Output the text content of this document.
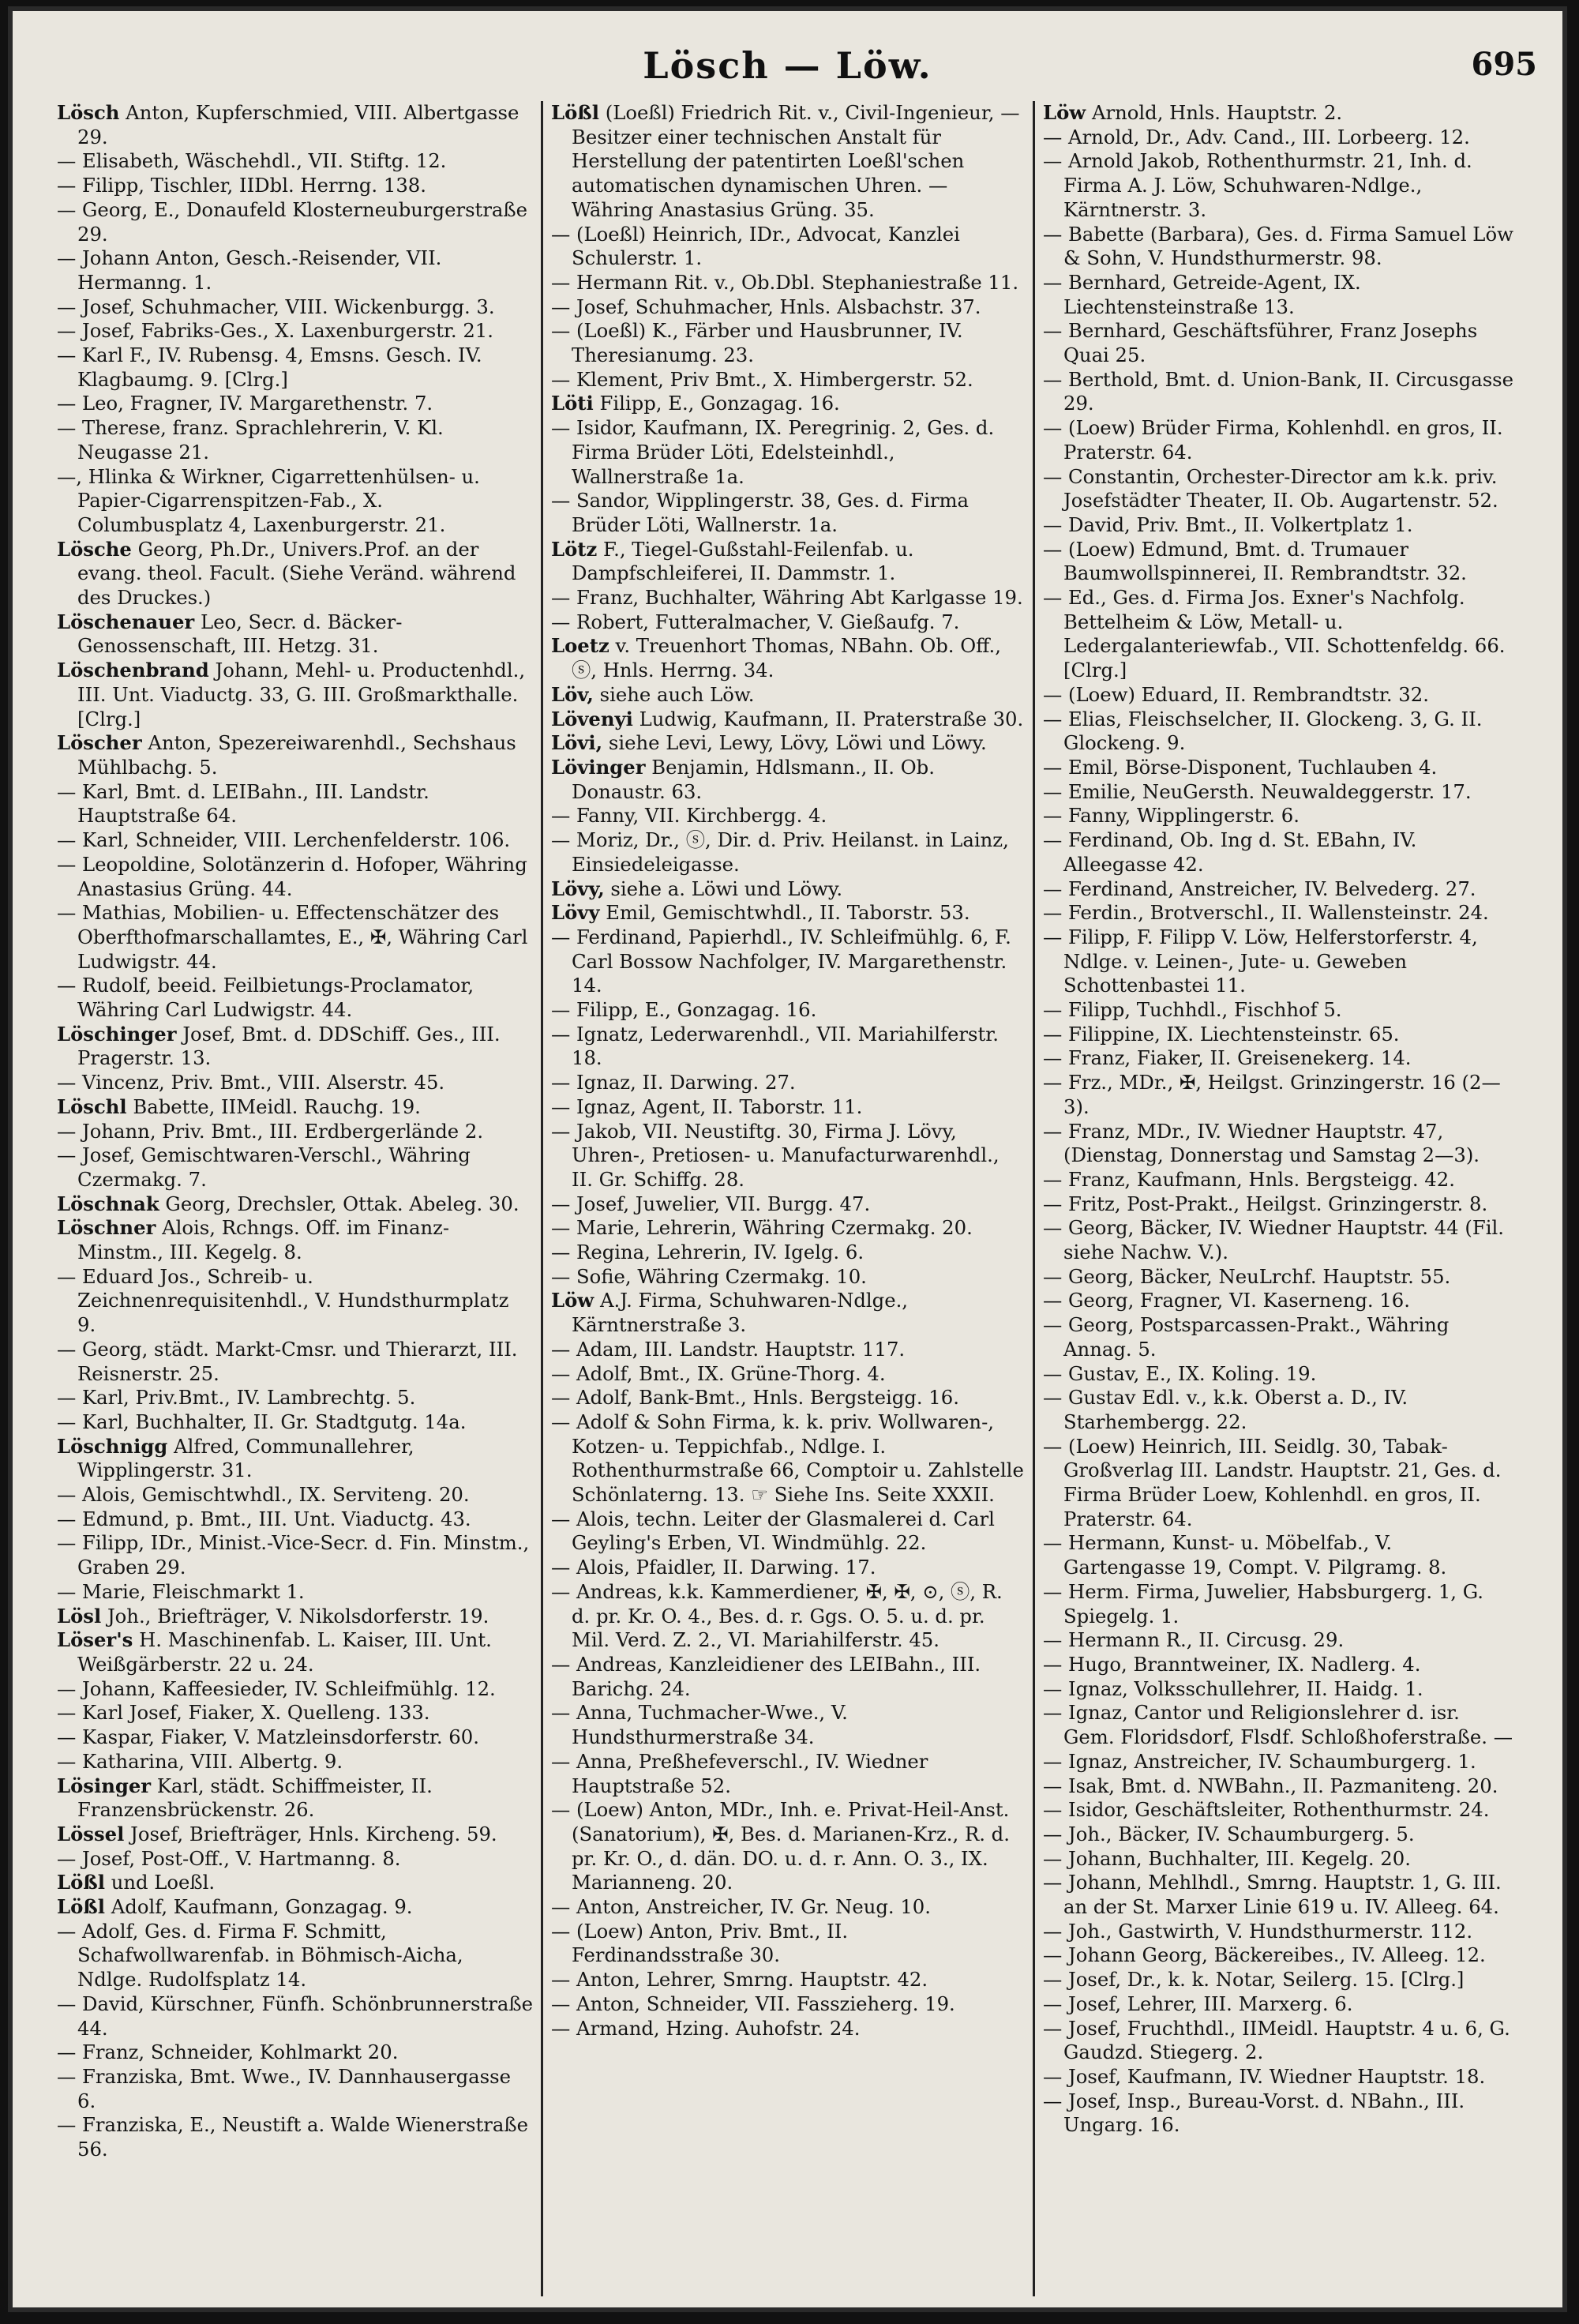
Lösch — Löw.	695

Lösch Anton, Kupferschmied, VIII. Albertgasse 29.

— Elisabeth, Wäschehdl., VII. Stiftg. 12.

— Filipp, Tischler, IIDbl. Herrng. 138.

— Georg, E., Donaufeld Klosterneuburgerstraße 29.

— Johann Anton, Gesch.-Reisender, VII. Hermanng. 1.

— Josef, Schuhmacher, VIII. Wickenburgg. 3.

— Josef, Fabriks-Ges., X. Laxenburgerstr. 21.

— Karl F., IV. Rubensg. 4, Emsns. Gesch. IV. Klagbaumg. 9. [Clrg.]

— Leo, Fragner, IV. Margarethenstr. 7.

— Therese, franz. Sprachlehrerin, V. Kl. Neugasse 21.

—, Hlinka & Wirkner, Cigarrettenhülsen- u. Papier-Cigarrenspitzen-Fab., X. Columbusplatz 4, Laxenburgerstr. 21.

Lösche Georg, Ph.Dr., Univers.Prof. an der evang. theol. Facult. (Siehe Veränd. während des Druckes.)

Löschenauer Leo, Secr. d. Bäcker-Genossenschaft, III. Hetzg. 31.

Löschenbrand Johann, Mehl- u. Productenhdl., III. Unt. Viaductg. 33, G. III. Großmarkthalle. [Clrg.]

Löscher Anton, Spezereiwarenhdl., Sechshaus Mühlbachg. 5.

— Karl, Bmt. d. LEIBahn., III. Landstr. Hauptstraße 64.

— Karl, Schneider, VIII. Lerchenfelderstr. 106.

— Leopoldine, Solotänzerin d. Hofoper, Währing Anastasius Grüng. 44.

— Mathias, Mobilien- u. Effectenschätzer des Oberfthofmarschallamtes, E., ✠, Währing Carl Ludwigstr. 44.

— Rudolf, beeid. Feilbietungs-Proclamator, Währing Carl Ludwigstr. 44.

Löschinger Josef, Bmt. d. DDSchiff. Ges., III. Pragerstr. 13.

— Vincenz, Priv. Bmt., VIII. Alserstr. 45.

Löschl Babette, IIMeidl. Rauchg. 19.

— Johann, Priv. Bmt., III. Erdbergerlände 2.

— Josef, Gemischtwaren-Verschl., Währing Czermakg. 7.

Löschnak Georg, Drechsler, Ottak. Abeleg. 30.

Löschner Alois, Rchngs. Off. im Finanz-Minstm., III. Kegelg. 8.

— Eduard Jos., Schreib- u. Zeichnenrequisitenhdl., V. Hundsthurmplatz 9.

— Georg, städt. Markt-Cmsr. und Thierarzt, III. Reisnerstr. 25.

— Karl, Priv.Bmt., IV. Lambrechtg. 5.

— Karl, Buchhalter, II. Gr. Stadtgutg. 14a.

Löschnigg Alfred, Communallehrer, Wipplingerstr. 31.

— Alois, Gemischtwhdl., IX. Serviteng. 20.

— Edmund, p. Bmt., III. Unt. Viaductg. 43.

— Filipp, IDr., Minist.-Vice-Secr. d. Fin. Minstm., Graben 29.

— Marie, Fleischmarkt 1.

Lösl Joh., Briefträger, V. Nikolsdorferstr. 19.

Löser's H. Maschinenfab. L. Kaiser, III. Unt. Weißgärberstr. 22 u. 24.

— Johann, Kaffeesieder, IV. Schleifmühlg. 12.

— Karl Josef, Fiaker, X. Quelleng. 133.

— Kaspar, Fiaker, V. Matzleinsdorferstr. 60.

— Katharina, VIII. Albertg. 9.

Lösinger Karl, städt. Schiffmeister, II. Franzensbrückenstr. 26.

Lössel Josef, Briefträger, Hnls. Kircheng. 59.

— Josef, Post-Off., V. Hartmanng. 8.

Lößl und Loeßl.

Lößl Adolf, Kaufmann, Gonzagag. 9.

— Adolf, Ges. d. Firma F. Schmitt, Schafwollwarenfab. in Böhmisch-Aicha, Ndlge. Rudolfsplatz 14.

— David, Kürschner, Fünfh. Schönbrunnerstraße 44.

— Franz, Schneider, Kohlmarkt 20.

— Franziska, Bmt. Wwe., IV. Dannhausergasse 6.

— Franziska, E., Neustift a. Walde Wienerstraße 56.

Lößl (Loeßl) Friedrich Rit. v., Civil-Ingenieur, — Besitzer einer technischen Anstalt für Herstellung der patentirten Loeßl'schen automatischen dynamischen Uhren. — Währing Anastasius Grüng. 35.

— (Loeßl) Heinrich, IDr., Advocat, Kanzlei Schulerstr. 1.

— Hermann Rit. v., Ob.Dbl. Stephaniestraße 11.

— Josef, Schuhmacher, Hnls. Alsbachstr. 37.

— (Loeßl) K., Färber und Hausbrunner, IV. Theresianumg. 23.

— Klement, Priv Bmt., X. Himbergerstr. 52.

Löti Filipp, E., Gonzagag. 16.

— Isidor, Kaufmann, IX. Peregrinig. 2, Ges. d. Firma Brüder Löti, Edelsteinhdl., Wallnerstraße 1a.

— Sandor, Wipplingerstr. 38, Ges. d. Firma Brüder Löti, Wallnerstr. 1a.

Lötz F., Tiegel-Gußstahl-Feilenfab. u. Dampfschleiferei, II. Dammstr. 1.

— Franz, Buchhalter, Währing Abt Karlgasse 19.

— Robert, Futteralmacher, V. Gießaufg. 7.

Loetz v. Treuenhort Thomas, NBahn. Ob. Off., ⓢ, Hnls. Herrng. 34.

Löv, siehe auch Löw.

Lövenyi Ludwig, Kaufmann, II. Praterstraße 30.

Lövi, siehe Levi, Lewy, Lövy, Löwi und Löwy.

Lövinger Benjamin, Hdlsmann., II. Ob. Donaustr. 63.

— Fanny, VII. Kirchbergg. 4.

— Moriz, Dr., ⓢ, Dir. d. Priv. Heilanst. in Lainz, Einsiedeleigasse.

Lövy, siehe a. Löwi und Löwy.

Lövy Emil, Gemischtwhdl., II. Taborstr. 53.

— Ferdinand, Papierhdl., IV. Schleifmühlg. 6, F. Carl Bossow Nachfolger, IV. Margarethenstr. 14.

— Filipp, E., Gonzagag. 16.

— Ignatz, Lederwarenhdl., VII. Mariahilferstr. 18.

— Ignaz, II. Darwing. 27.

— Ignaz, Agent, II. Taborstr. 11.

— Jakob, VII. Neustiftg. 30, Firma J. Lövy, Uhren-, Pretiosen- u. Manufacturwarenhdl., II. Gr. Schiffg. 28.

— Josef, Juwelier, VII. Burgg. 47.

— Marie, Lehrerin, Währing Czermakg. 20.

— Regina, Lehrerin, IV. Igelg. 6.

— Sofie, Währing Czermakg. 10.

Löw A.J. Firma, Schuhwaren-Ndlge., Kärntnerstraße 3.

— Adam, III. Landstr. Hauptstr. 117.

— Adolf, Bmt., IX. Grüne-Thorg. 4.

— Adolf, Bank-Bmt., Hnls. Bergsteigg. 16.

— Adolf & Sohn Firma, k. k. priv. Wollwaren-, Kotzen- u. Teppichfab., Ndlge. I. Rothenthurmstraße 66, Comptoir u. Zahlstelle Schönlaterng. 13. ☞ Siehe Ins. Seite XXXII.

— Alois, techn. Leiter der Glasmalerei d. Carl Geyling's Erben, VI. Windmühlg. 22.

— Alois, Pfaidler, II. Darwing. 17.

— Andreas, k.k. Kammerdiener, ✠, ✠, ⊙, ⓢ, R. d. pr. Kr. O. 4., Bes. d. r. Ggs. O. 5. u. d. pr. Mil. Verd. Z. 2., VI. Mariahilferstr. 45.

— Andreas, Kanzleidiener des LEIBahn., III. Barichg. 24.

— Anna, Tuchmacher-Wwe., V. Hundsthurmerstraße 34.

— Anna, Preßhefeverschl., IV. Wiedner Hauptstraße 52.

— (Loew) Anton, MDr., Inh. e. Privat-Heil-Anst. (Sanatorium), ✠, Bes. d. Marianen-Krz., R. d. pr. Kr. O., d. dän. DO. u. d. r. Ann. O. 3., IX. Marianneng. 20.

— Anton, Anstreicher, IV. Gr. Neug. 10.

— (Loew) Anton, Priv. Bmt., II. Ferdinandsstraße 30.

— Anton, Lehrer, Smrng. Hauptstr. 42.

— Anton, Schneider, VII. Fasszieherg. 19.

— Armand, Hzing. Auhofstr. 24.

Löw Arnold, Hnls. Hauptstr. 2.

— Arnold, Dr., Adv. Cand., III. Lorbeerg. 12.

— Arnold Jakob, Rothenthurmstr. 21, Inh. d. Firma A. J. Löw, Schuhwaren-Ndlge., Kärntnerstr. 3.

— Babette (Barbara), Ges. d. Firma Samuel Löw & Sohn, V. Hundsthurmerstr. 98.

— Bernhard, Getreide-Agent, IX. Liechtensteinstraße 13.

— Bernhard, Geschäftsführer, Franz Josephs Quai 25.

— Berthold, Bmt. d. Union-Bank, II. Circusgasse 29.

— (Loew) Brüder Firma, Kohlenhdl. en gros, II. Praterstr. 64.

— Constantin, Orchester-Director am k.k. priv. Josefstädter Theater, II. Ob. Augartenstr. 52.

— David, Priv. Bmt., II. Volkertplatz 1.

— (Loew) Edmund, Bmt. d. Trumauer Baumwollspinnerei, II. Rembrandtstr. 32.

— Ed., Ges. d. Firma Jos. Exner's Nachfolg. Bettelheim & Löw, Metall- u. Ledergalanteriewfab., VII. Schottenfeldg. 66. [Clrg.]

— (Loew) Eduard, II. Rembrandtstr. 32.

— Elias, Fleischselcher, II. Glockeng. 3, G. II. Glockeng. 9.

— Emil, Börse-Disponent, Tuchlauben 4.

— Emilie, NeuGersth. Neuwaldeggerstr. 17.

— Fanny, Wipplingerstr. 6.

— Ferdinand, Ob. Ing d. St. EBahn, IV. Alleegasse 42.

— Ferdinand, Anstreicher, IV. Belvederg. 27.

— Ferdin., Brotverschl., II. Wallensteinstr. 24.

— Filipp, F. Filipp V. Löw, Helferstorferstr. 4, Ndlge. v. Leinen-, Jute- u. Geweben Schottenbastei 11.

— Filipp, Tuchhdl., Fischhof 5.

— Filippine, IX. Liechtensteinstr. 65.

— Franz, Fiaker, II. Greisenekerg. 14.

— Frz., MDr., ✠, Heilgst. Grinzingerstr. 16 (2—3).

— Franz, MDr., IV. Wiedner Hauptstr. 47, (Dienstag, Donnerstag und Samstag 2—3).

— Franz, Kaufmann, Hnls. Bergsteigg. 42.

— Fritz, Post-Prakt., Heilgst. Grinzingerstr. 8.

— Georg, Bäcker, IV. Wiedner Hauptstr. 44 (Fil. siehe Nachw. V.).

— Georg, Bäcker, NeuLrchf. Hauptstr. 55.

— Georg, Fragner, VI. Kaserneng. 16.

— Georg, Postsparcassen-Prakt., Währing Annag. 5.

— Gustav, E., IX. Koling. 19.

— Gustav Edl. v., k.k. Oberst a. D., IV. Starhembergg. 22.

— (Loew) Heinrich, III. Seidlg. 30, Tabak-Großverlag III. Landstr. Hauptstr. 21, Ges. d. Firma Brüder Loew, Kohlenhdl. en gros, II. Praterstr. 64.

— Hermann, Kunst- u. Möbelfab., V. Gartengasse 19, Compt. V. Pilgramg. 8.

— Herm. Firma, Juwelier, Habsburgerg. 1, G. Spiegelg. 1.

— Hermann R., II. Circusg. 29.

— Hugo, Branntweiner, IX. Nadlerg. 4.

— Ignaz, Volksschullehrer, II. Haidg. 1.

— Ignaz, Cantor und Religionslehrer d. isr. Gem. Floridsdorf, Flsdf. Schloßhoferstraße. —

— Ignaz, Anstreicher, IV. Schaumburgerg. 1.

— Isak, Bmt. d. NWBahn., II. Pazmaniteng. 20.

— Isidor, Geschäftsleiter, Rothenthurmstr. 24.

— Joh., Bäcker, IV. Schaumburgerg. 5.

— Johann, Buchhalter, III. Kegelg. 20.

— Johann, Mehlhdl., Smrng. Hauptstr. 1, G. III. an der St. Marxer Linie 619 u. IV. Alleeg. 64.

— Joh., Gastwirth, V. Hundsthurmerstr. 112.

— Johann Georg, Bäckereibes., IV. Alleeg. 12.

— Josef, Dr., k. k. Notar, Seilerg. 15. [Clrg.]

— Josef, Lehrer, III. Marxerg. 6.

— Josef, Fruchthdl., IIMeidl. Hauptstr. 4 u. 6, G. Gaudzd. Stiegerg. 2.

— Josef, Kaufmann, IV. Wiedner Hauptstr. 18.

— Josef, Insp., Bureau-Vorst. d. NBahn., III. Ungarg. 16.
